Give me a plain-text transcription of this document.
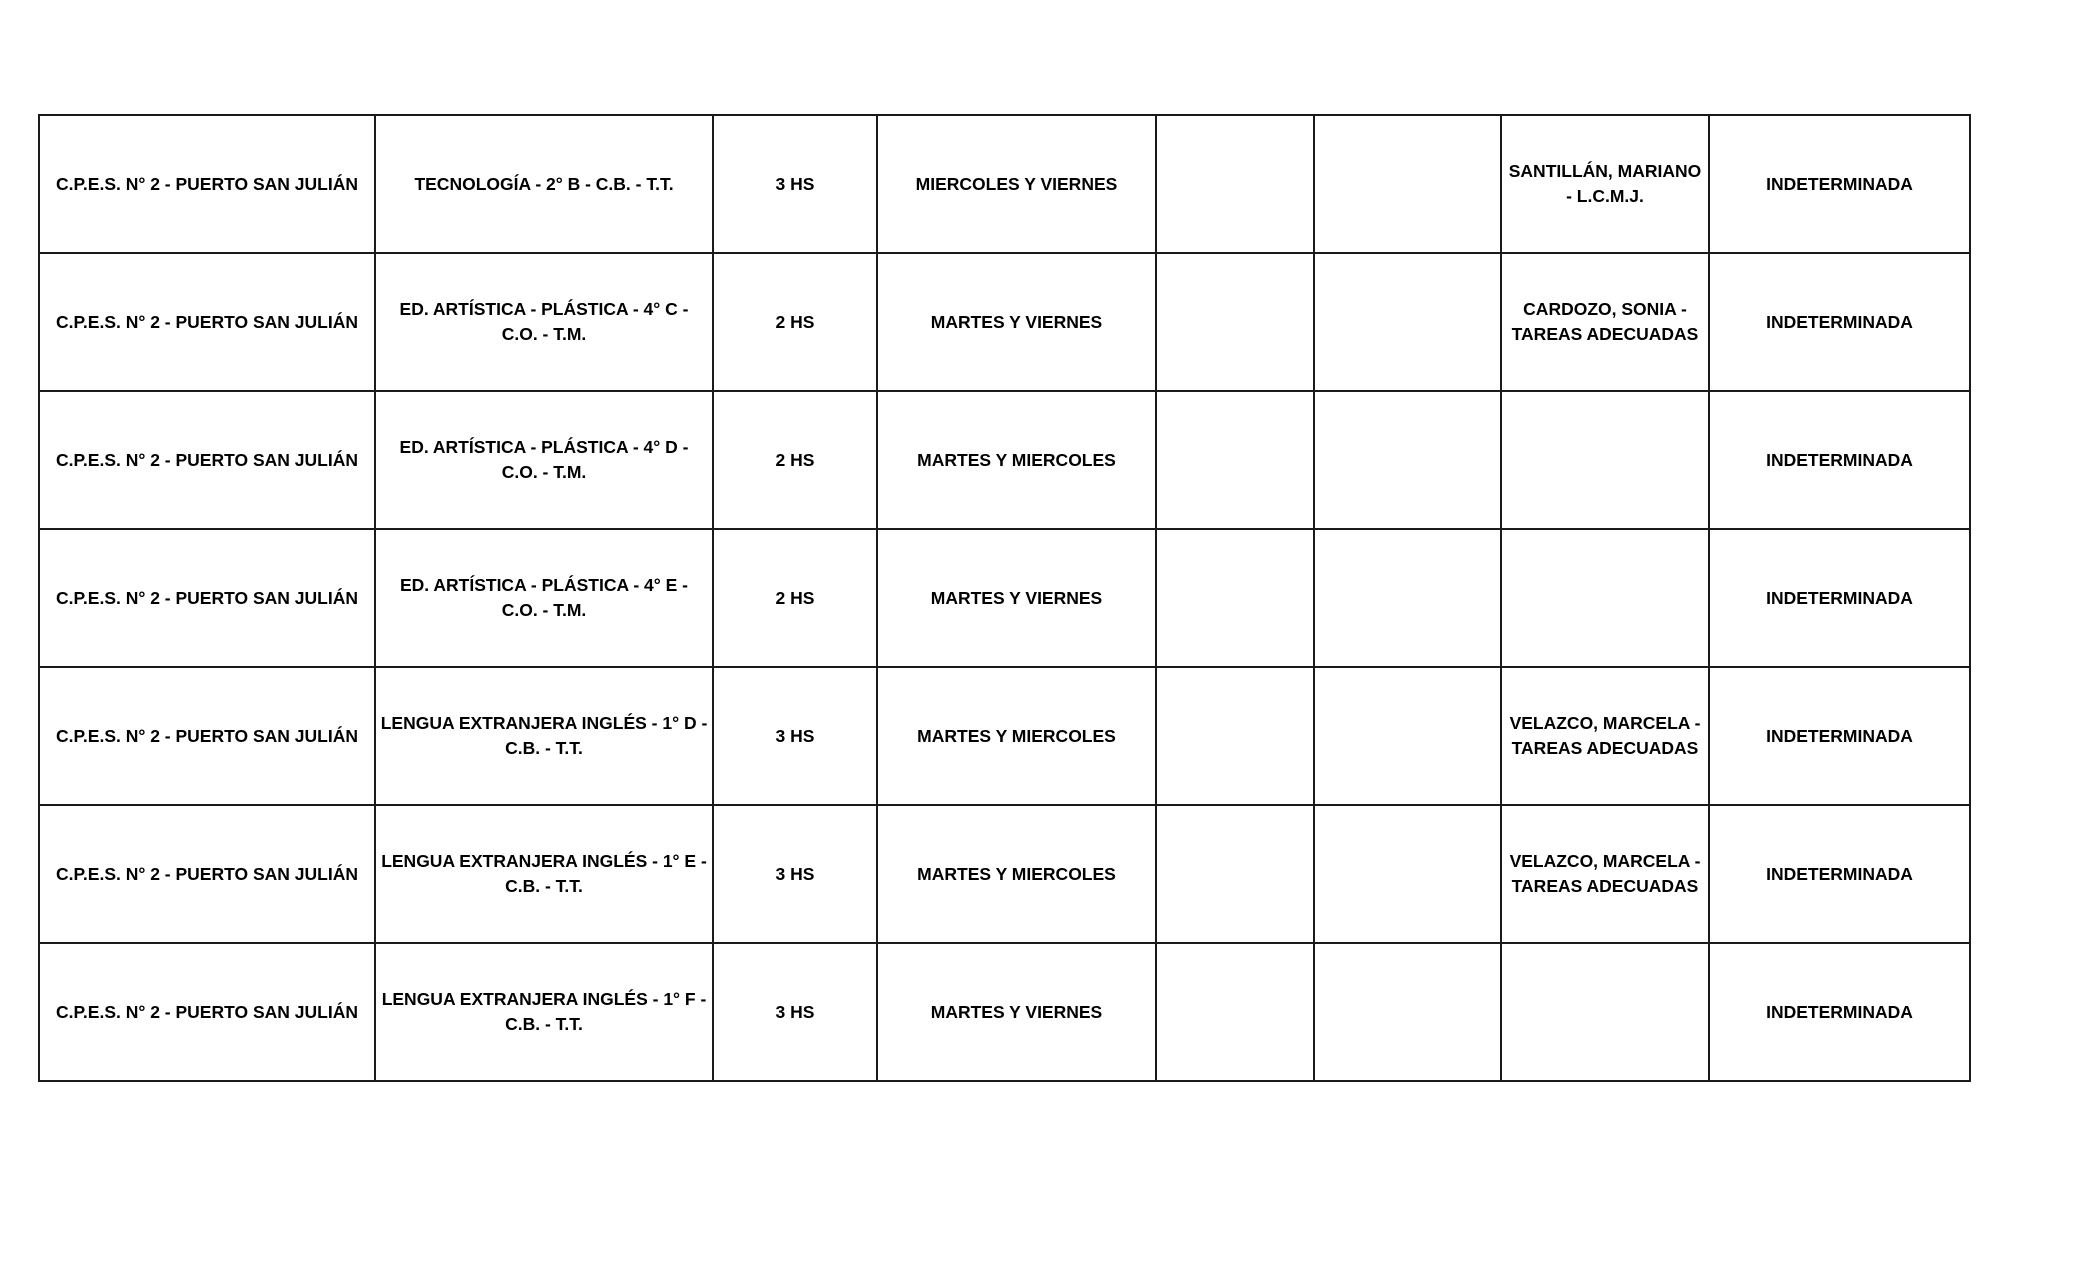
C.P.E.S. N° 2 - PUERTO SAN JULIÁN	TECNOLOGÍA - 2° B - C.B. - T.T.	3 HS	MIERCOLES Y VIERNES			SANTILLÁN, MARIANO - L.C.M.J.	INDETERMINADA
C.P.E.S. N° 2 - PUERTO SAN JULIÁN	ED. ARTÍSTICA - PLÁSTICA - 4° C - C.O. - T.M.	2 HS	MARTES Y VIERNES			CARDOZO, SONIA - TAREAS ADECUADAS	INDETERMINADA
C.P.E.S. N° 2 - PUERTO SAN JULIÁN	ED. ARTÍSTICA - PLÁSTICA - 4° D - C.O. - T.M.	2 HS	MARTES Y MIERCOLES				INDETERMINADA
C.P.E.S. N° 2 - PUERTO SAN JULIÁN	ED. ARTÍSTICA - PLÁSTICA - 4° E - C.O. - T.M.	2 HS	MARTES Y VIERNES				INDETERMINADA
C.P.E.S. N° 2 - PUERTO SAN JULIÁN	LENGUA EXTRANJERA INGLÉS - 1° D - C.B. - T.T.	3 HS	MARTES Y MIERCOLES			VELAZCO, MARCELA - TAREAS ADECUADAS	INDETERMINADA
C.P.E.S. N° 2 - PUERTO SAN JULIÁN	LENGUA EXTRANJERA INGLÉS - 1° E - C.B. - T.T.	3 HS	MARTES Y MIERCOLES			VELAZCO, MARCELA - TAREAS ADECUADAS	INDETERMINADA
C.P.E.S. N° 2 - PUERTO SAN JULIÁN	LENGUA EXTRANJERA INGLÉS - 1° F - C.B. - T.T.	3 HS	MARTES Y VIERNES				INDETERMINADA
